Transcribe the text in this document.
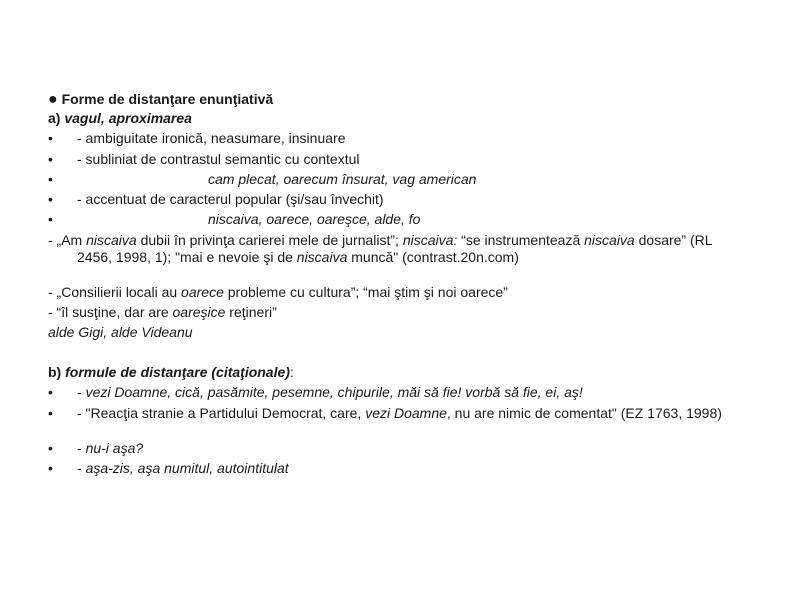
● Forme de distanţare enunţiativă
a) vagul, aproximarea
•	- ambiguitate ironică, neasumare, insinuare
•	- subliniat de contrastul semantic cu contextul
•	cam plecat, oarecum însurat, vag american
•	- accentuat de caracterul popular (şi/sau învechit)
•	niscaiva, oarece, oareşce, alde, fo
- „Am niscaiva dubii în privinţa carierei mele de jurnalist”; niscaiva: “se instrumentează niscaiva dosare” (RL 2456, 1998, 1); "mai e nevoie şi de niscaiva muncă" (contrast.20n.com)
- „Consilierii locali au oarece probleme cu cultura”; “mai ştim şi noi oarece”
- “îl susţine, dar are oareşice reţineri”
alde Gigi, alde Videanu
b) formule de distanţare (citaţionale):
•	- vezi Doamne, cică, pasămite, pesemne, chipurile, măi să fie! vorbă să fie, ei, aş!
•	- "Reacţia stranie a Partidului Democrat, care, vezi Doamne, nu are nimic de comentat" (EZ 1763, 1998)
•	- nu-i aşa?
•	- aşa-zis, aşa numitul, autointitulat
